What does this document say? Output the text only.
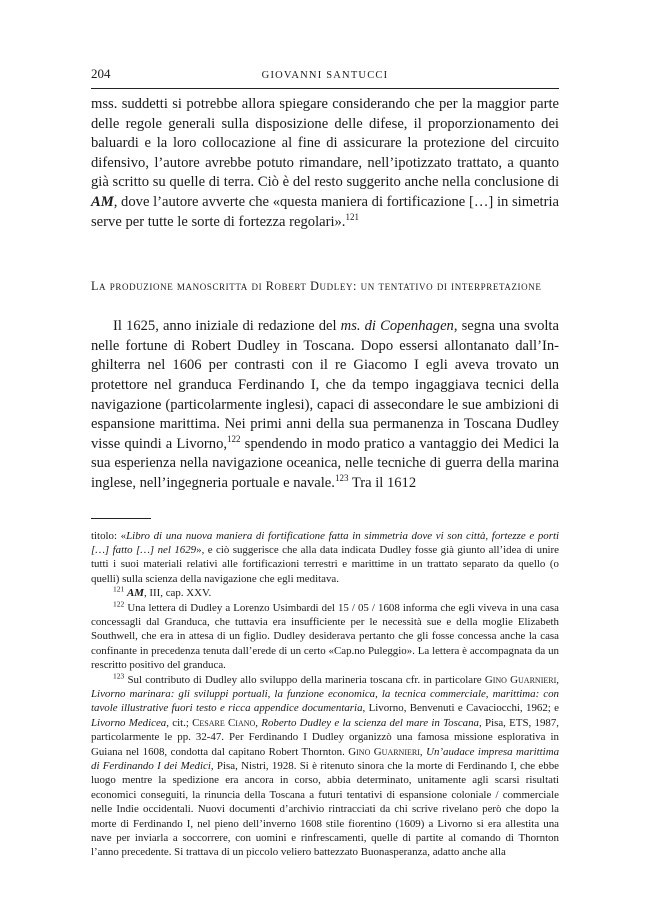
204	GIOVANNI SANTUCCI

mss. suddetti si potrebbe allora spiegare considerando che per la maggior parte delle regole generali sulla disposizione delle difese, il proporzionamento dei baluardi e la loro collocazione al fine di assicurare la protezione del circuito difensivo, l’autore avrebbe potuto rimandare, nell’ipotizzato trattato, a quanto già scritto su quelle di terra. Ciò è del resto suggerito anche nella conclusione di AM, dove l’autore avverte che «questa maniera di fortificazione […] in simetria serve per tutte le sorte di fortezza regolari».$^{121}$

La produzione manoscritta di Robert Dudley: un tentativo di interpretazione

Il 1625, anno iniziale di redazione del ms. di Copenhagen, segna una svolta nelle fortune di Robert Dudley in Toscana. Dopo essersi allontanato dall’Inghilterra nel 1606 per contrasti con il re Giacomo I egli aveva trovato un protettore nel granduca Ferdinando I, che da tempo ingaggiava tecnici della navigazione (particolarmente inglesi), capaci di assecondare le sue ambizioni di espansione marittima. Nei primi anni della sua permanenza in Toscana Dudley visse quindi a Livorno,$^{122}$ spendendo in modo pratico a vantaggio dei Medici la sua esperienza nella navigazione oceanica, nelle tecniche di guerra della marina inglese, nell’ingegneria portuale e navale.$^{123}$ Tra il 1612

titolo: «Libro di una nuova maniera di fortificatione fatta in simmetria dove vi son città, fortezze e porti […] fatto […] nel 1629», e ciò suggerisce che alla data indicata Dudley fosse già giunto all’idea di unire tutti i suoi materiali relativi alle fortificazioni terrestri e marittime in un trattato separato da quello (o quelli) sulla scienza della navigazione che egli meditava.

$^{121}$ AM, III, cap. XXV.

$^{122}$ Una lettera di Dudley a Lorenzo Usimbardi del 15 / 05 / 1608 informa che egli viveva in una casa concessagli dal Granduca, che tuttavia era insufficiente per le necessità sue e della moglie Elizabeth Southwell, che era in attesa di un figlio. Dudley desiderava pertanto che gli fosse concessa anche la casa confinante in precedenza tenuta dall’erede di un certo «Cap.no Puleggio». La lettera è accompagnata da un rescritto positivo del granduca.

$^{123}$ Sul contributo di Dudley allo sviluppo della marineria toscana cfr. in particolare Gino Guarnieri, Livorno marinara: gli sviluppi portuali, la funzione economica, la tecnica commerciale, marittima: con tavole illustrative fuori testo e ricca appendice documentaria, Livorno, Benvenuti e Cavaciocchi, 1962; e Livorno Medicea, cit.; Cesare Ciano, Roberto Dudley e la scienza del mare in Toscana, Pisa, ETS, 1987, particolarmente le pp. 32-47. Per Ferdinando I Dudley organizzò una famosa missione esplorativa in Guiana nel 1608, condotta dal capitano Robert Thornton. Gino Guarnieri, Un’audace impresa marittima di Ferdinando I dei Medici, Pisa, Nistri, 1928. Si è ritenuto sinora che la morte di Ferdinando I, che ebbe luogo mentre la spedizione era ancora in corso, abbia determinato, unitamente agli scarsi risultati economici conseguiti, la rinuncia della Toscana a futuri tentativi di espansione coloniale / commerciale nelle Indie occidentali. Nuovi documenti d’archivio rintracciati da chi scrive rivelano però che dopo la morte di Ferdinando I, nel pieno dell’inverno 1608 stile fiorentino (1609) a Livorno si era allestita una nave per inviarla a soccorrere, con uomini e rinfrescamenti, quelle di partite al comando di Thornton l’anno precedente. Si trattava di un piccolo veliero battezzato Buonasperanza, adatto anche alla
